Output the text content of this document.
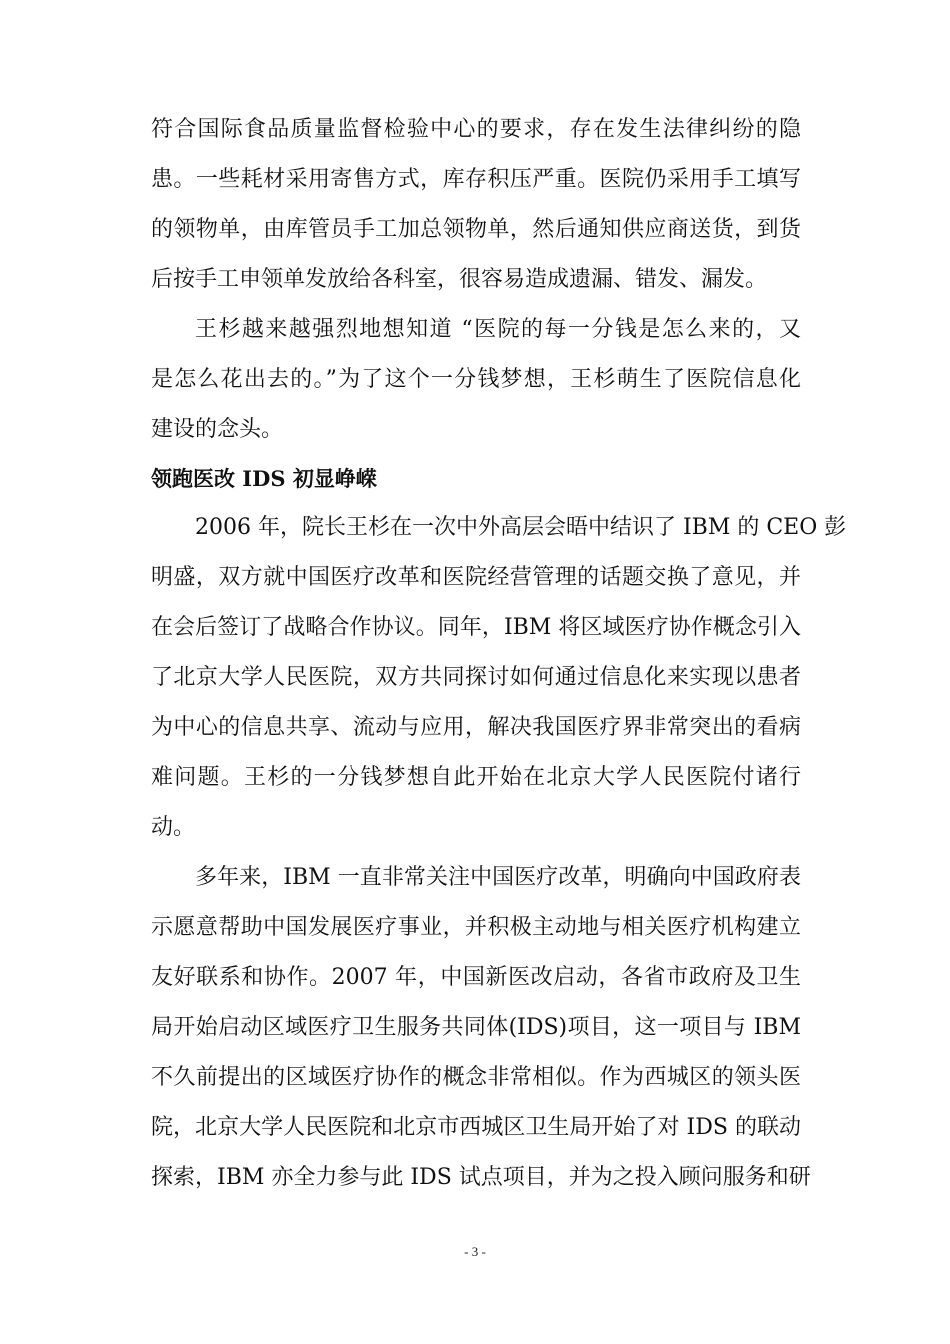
符合国际食品质量监督检验中心的要求，存在发生法律纠纷的隐
患。一些耗材采用寄售方式，库存积压严重。医院仍采用手工填写
的领物单，由库管员手工加总领物单，然后通知供应商送货，到货
后按手工申领单发放给各科室，很容易造成遗漏、错发、漏发。
王杉越来越强烈地想知道 “医院的每一分钱是怎么来的，又
是怎么花出去的。”为了这个一分钱梦想，王杉萌生了医院信息化
建设的念头。
领跑医改 IDS 初显峥嵘
2006 年，院长王杉在一次中外高层会晤中结识了 IBM 的 CEO 彭
明盛，双方就中国医疗改革和医院经营管理的话题交换了意见，并
在会后签订了战略合作协议。同年，IBM 将区域医疗协作概念引入
了北京大学人民医院，双方共同探讨如何通过信息化来实现以患者
为中心的信息共享、流动与应用，解决我国医疗界非常突出的看病
难问题。王杉的一分钱梦想自此开始在北京大学人民医院付诸行
动。
多年来，IBM 一直非常关注中国医疗改革，明确向中国政府表
示愿意帮助中国发展医疗事业，并积极主动地与相关医疗机构建立
友好联系和协作。2007 年，中国新医改启动，各省市政府及卫生
局开始启动区域医疗卫生服务共同体(IDS)项目，这一项目与 IBM
不久前提出的区域医疗协作的概念非常相似。作为西城区的领头医
院，北京大学人民医院和北京市西城区卫生局开始了对 IDS 的联动
探索，IBM 亦全力参与此 IDS 试点项目，并为之投入顾问服务和研
- 3 -
